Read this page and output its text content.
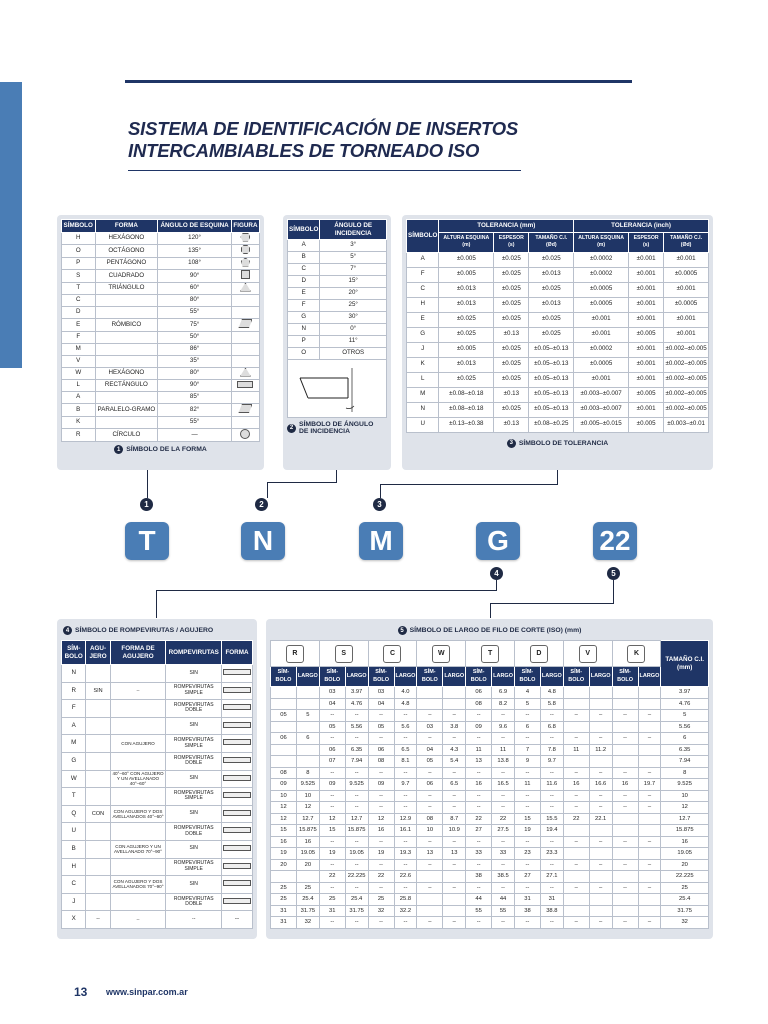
SISTEMA DE IDENTIFICACIÓN DE INSERTOS
INTERCAMBIABLES DE TORNEADO ISO
SÍMBOLO	FORMA	ÁNGULO DE ESQUINA	FIGURA
H	HEXÁGONO	120°	
O	OCTÁGONO	135°	
P	PENTÁGONO	108°	
S	CUADRADO	90°	
T	TRIÁNGULO	60°	
C		80°	
D		55°	
E	RÓMBICO	75°	
F		50°	
M		86°	
V		35°	
W	HEXÁGONO	80°	
L	RECTÁNGULO	90°	
A		85°	
B	PARALELO-GRAMO	82°	
K		55°	
R	CÍRCULO	—	
1 SÍMBOLO DE LA FORMA
SÍMBOLO	ÁNGULO DE INCIDENCIA
A	3°
B	5°
C	7°
D	15°
E	20°
F	25°
G	30°
N	0°
P	11°
O	OTROS
2 SÍMBOLO DE ÁNGULO DE INCIDENCIA
SÍMBOLO	TOLERANCIA (mm)			TOLERANCIA (inch)		
	ALTURA ESQUINA (m)	ESPESOR (s)	TAMAÑO C.I. (Ød)	ALTURA ESQUINA (m)	ESPESOR (s)	TAMAÑO C.I. (Ød)
A	±0.005	±0.025	±0.025	±0.0002	±0.001	±0.001
F	±0.005	±0.025	±0.013	±0.0002	±0.001	±0.0005
C	±0.013	±0.025	±0.025	±0.0005	±0.001	±0.001
H	±0.013	±0.025	±0.013	±0.0005	±0.001	±0.0005
E	±0.025	±0.025	±0.025	±0.001	±0.001	±0.001
G	±0.025	±0.13	±0.025	±0.001	±0.005	±0.001
J	±0.005	±0.025	±0.05–±0.13	±0.0002	±0.001	±0.002–±0.005
K	±0.013	±0.025	±0.05–±0.13	±0.0005	±0.001	±0.002–±0.005
L	±0.025	±0.025	±0.05–±0.13	±0.001	±0.001	±0.002–±0.005
M	±0.08–±0.18	±0.13	±0.05–±0.13	±0.003–±0.007	±0.005	±0.002–±0.005
N	±0.08–±0.18	±0.025	±0.05–±0.13	±0.003–±0.007	±0.001	±0.002–±0.005
U	±0.13–±0.38	±0.13	±0.08–±0.25	±0.005–±0.015	±0.005	±0.003–±0.01
3 SÍMBOLO DE TOLERANCIA
1	2	3
T	N	M	G	22
4	5
4 SÍMBOLO DE ROMPEVIRUTAS / AGUJERO
SÍM-BOLO	AGU-JERO	FORMA DE AGUJERO	ROMPEVIRUTAS	FORMA
N			SIN	
R	SIN	--	ROMPEVIRUTAS SIMPLE	
F			ROMPEVIRUTAS DOBLE	
A			SIN	
M		CON AGUJERO	ROMPEVIRUTAS SIMPLE	
G			ROMPEVIRUTAS DOBLE	
W		40°–60° CON AGUJERO Y UN AVELLANADO 40°–60°	SIN	
T			ROMPEVIRUTAS SIMPLE	
Q	CON	CON AGUJERO Y DOS AVELLANADOS 40°–60°	SIN	
U			ROMPEVIRUTAS DOBLE	
B		CON AGUJERO Y UN AVELLANADO 70°–90°	SIN	
H			ROMPEVIRUTAS SIMPLE	
C		CON AGUJERO Y DOS AVELLANADOS 70°–90°	SIN	
J			ROMPEVIRUTAS DOBLE	
X	--	--	--	--
5 SÍMBOLO DE LARGO DE FILO DE CORTE (ISO) (mm)
R		S		C		W		T		D		V		K		TAMAÑO C.I. (mm)
SÍM-BOLO	LARGO	SÍM-BOLO	LARGO	SÍM-BOLO	LARGO	SÍM-BOLO	LARGO	SÍM-BOLO	LARGO	SÍM-BOLO	LARGO	SÍM-BOLO	LARGO	SÍM-BOLO	LARGO	
		03	3.97	03	4.0			06	6.9	4	4.8					3.97
		04	4.76	04	4.8			08	8.2	5	5.8					4.76
05	5	--	--	--	--	–	–	--	--	--	--	–	–	--	–	5
		05	5.56	05	5.6	03	3.8	09	9.6	6	6.8					5.56
06	6	--	--	--	--	–	–	--	--	--	--	–	–	--	–	6
		06	6.35	06	6.5	04	4.3	11	11	7	7.8	11	11.2			6.35
		07	7.94	08	8.1	05	5.4	13	13.8	9	9.7					7.94
08	8	--	--	--	--	–	–	--	--	--	--	–	–	--	–	8
09	9.525	09	9.525	09	9.7	06	6.5	16	16.5	11	11.6	16	16.6	16	19.7	9.525
10	10	--	--	--	--	–	–	--	--	--	--	–	–	--	–	10
12	12	--	--	--	--	–	–	--	--	--	--	–	–	--	–	12
12	12.7	12	12.7	12	12.9	08	8.7	22	22	15	15.5	22	22.1			12.7
15	15.875	15	15.875	16	16.1	10	10.9	27	27.5	19	19.4					15.875
16	16	--	--	--	--	–	–	--	--	--	--	–	–	--	–	16
19	19.05	19	19.05	19	19.3	13	13	33	33	23	23.3					19.05
20	20	--	--	--	--	–	–	--	--	--	--	–	–	--	–	20
		22	22.225	22	22.6			38	38.5	27	27.1					22.225
25	25	--	--	--	--	–	–	--	--	--	--	–	–	--	–	25
25	25.4	25	25.4	25	25.8			44	44	31	31					25.4
31	31.75	31	31.75	32	32.2			55	55	38	38.8					31.75
31	32	--	--	--	--	–	–	--	--	--	--	–	–	--	–	32
13 www.sinpar.com.ar
